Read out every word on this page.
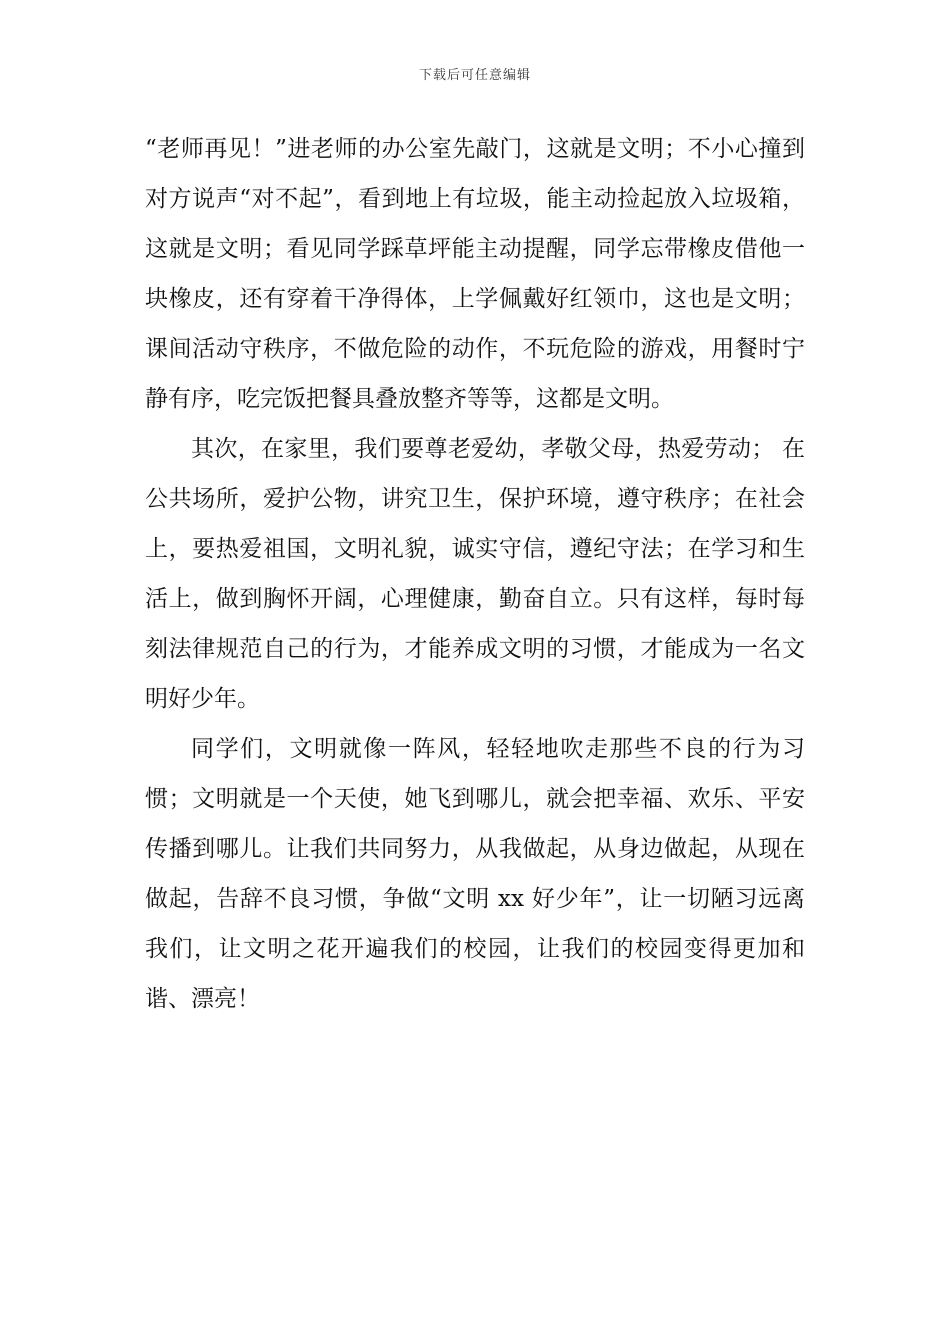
下载后可任意编辑

“老师再见！”进老师的办公室先敲门，这就是文明；不小心撞到对方说声“对不起”，看到地上有垃圾，能主动捡起放入垃圾箱，这就是文明；看见同学踩草坪能主动提醒，同学忘带橡皮借他一块橡皮，还有穿着干净得体，上学佩戴好红领巾，这也是文明；课间活动守秩序，不做危险的动作，不玩危险的游戏，用餐时宁静有序，吃完饭把餐具叠放整齐等等，这都是文明。

其次，在家里，我们要尊老爱幼，孝敬父母，热爱劳动； 在公共场所，爱护公物，讲究卫生，保护环境，遵守秩序；在社会上，要热爱祖国，文明礼貌，诚实守信，遵纪守法；在学习和生活上，做到胸怀开阔，心理健康，勤奋自立。只有这样，每时每刻法律规范自己的行为，才能养成文明的习惯，才能成为一名文明好少年。

同学们，文明就像一阵风，轻轻地吹走那些不良的行为习惯；文明就是一个天使，她飞到哪儿，就会把幸福、欢乐、平安传播到哪儿。让我们共同努力，从我做起，从身边做起，从现在做起，告辞不良习惯，争做“文明 xx 好少年”，让一切陋习远离我们，让文明之花开遍我们的校园，让我们的校园变得更加和谐、漂亮！
